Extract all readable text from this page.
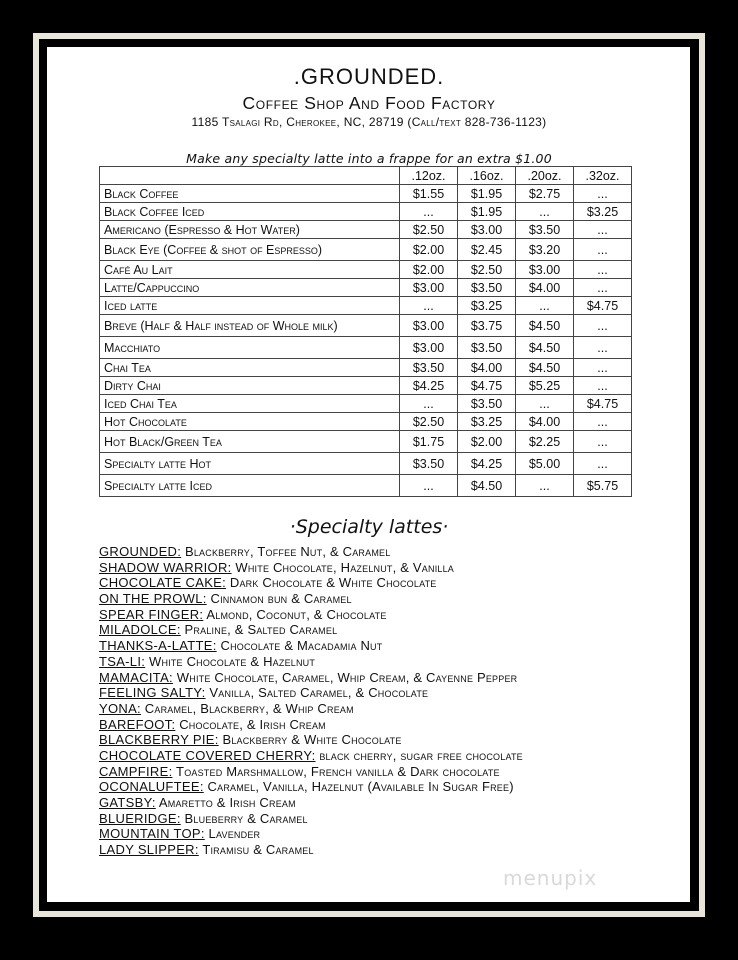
.GROUNDED.
Coffee Shop And Food Factory
1185 Tsalagi Rd, Cherokee, NC, 28719 (Call/text 828-736-1123)
Make any specialty latte into a frappe for an extra $1.00
	.12oz.	.16oz.	.20oz.	.32oz.
Black Coffee	$1.55	$1.95	$2.75	...
Black Coffee Iced	...	$1.95	...	$3.25
Americano (Espresso & Hot Water)	$2.50	$3.00	$3.50	...
Black Eye (Coffee & shot of Espresso)	$2.00	$2.45	$3.20	...
Café Au Lait	$2.00	$2.50	$3.00	...
Latte/Cappuccino	$3.00	$3.50	$4.00	...
Iced latte	...	$3.25	...	$4.75
Breve (Half & Half instead of Whole milk)	$3.00	$3.75	$4.50	...
Macchiato	$3.00	$3.50	$4.50	...
Chai Tea	$3.50	$4.00	$4.50	...
Dirty Chai	$4.25	$4.75	$5.25	...
Iced Chai Tea	...	$3.50	...	$4.75
Hot Chocolate	$2.50	$3.25	$4.00	...
Hot Black/Green Tea	$1.75	$2.00	$2.25	...
Specialty latte Hot	$3.50	$4.25	$5.00	...
Specialty latte Iced	...	$4.50	...	$5.75
·Specialty lattes·
GROUNDED: Blackberry, Toffee Nut, & Caramel
SHADOW WARRIOR: White Chocolate, Hazelnut, & Vanilla
CHOCOLATE CAKE: Dark Chocolate & White Chocolate
ON THE PROWL: Cinnamon bun & Caramel
SPEAR FINGER: Almond, Coconut, & Chocolate
MILADOLCE: Praline, & Salted Caramel
THANKS-A-LATTE: Chocolate & Macadamia Nut
TSA-LI: White Chocolate & Hazelnut
MAMACITA: White Chocolate, Caramel, Whip Cream, & Cayenne Pepper
FEELING SALTY: Vanilla, Salted Caramel, & Chocolate
YONA: Caramel, Blackberry, & Whip Cream
BAREFOOT: Chocolate, & Irish Cream
BLACKBERRY PIE: Blackberry & White Chocolate
CHOCOLATE COVERED CHERRY: black cherry, sugar free chocolate
CAMPFIRE: Toasted Marshmallow, French vanilla & Dark chocolate
OCONALUFTEE: Caramel, Vanilla, Hazelnut (Available In Sugar Free)
GATSBY: Amaretto & Irish Cream
BLUERIDGE: Blueberry & Caramel
MOUNTAIN TOP: Lavender
LADY SLIPPER: Tiramisu & Caramel
menupix
